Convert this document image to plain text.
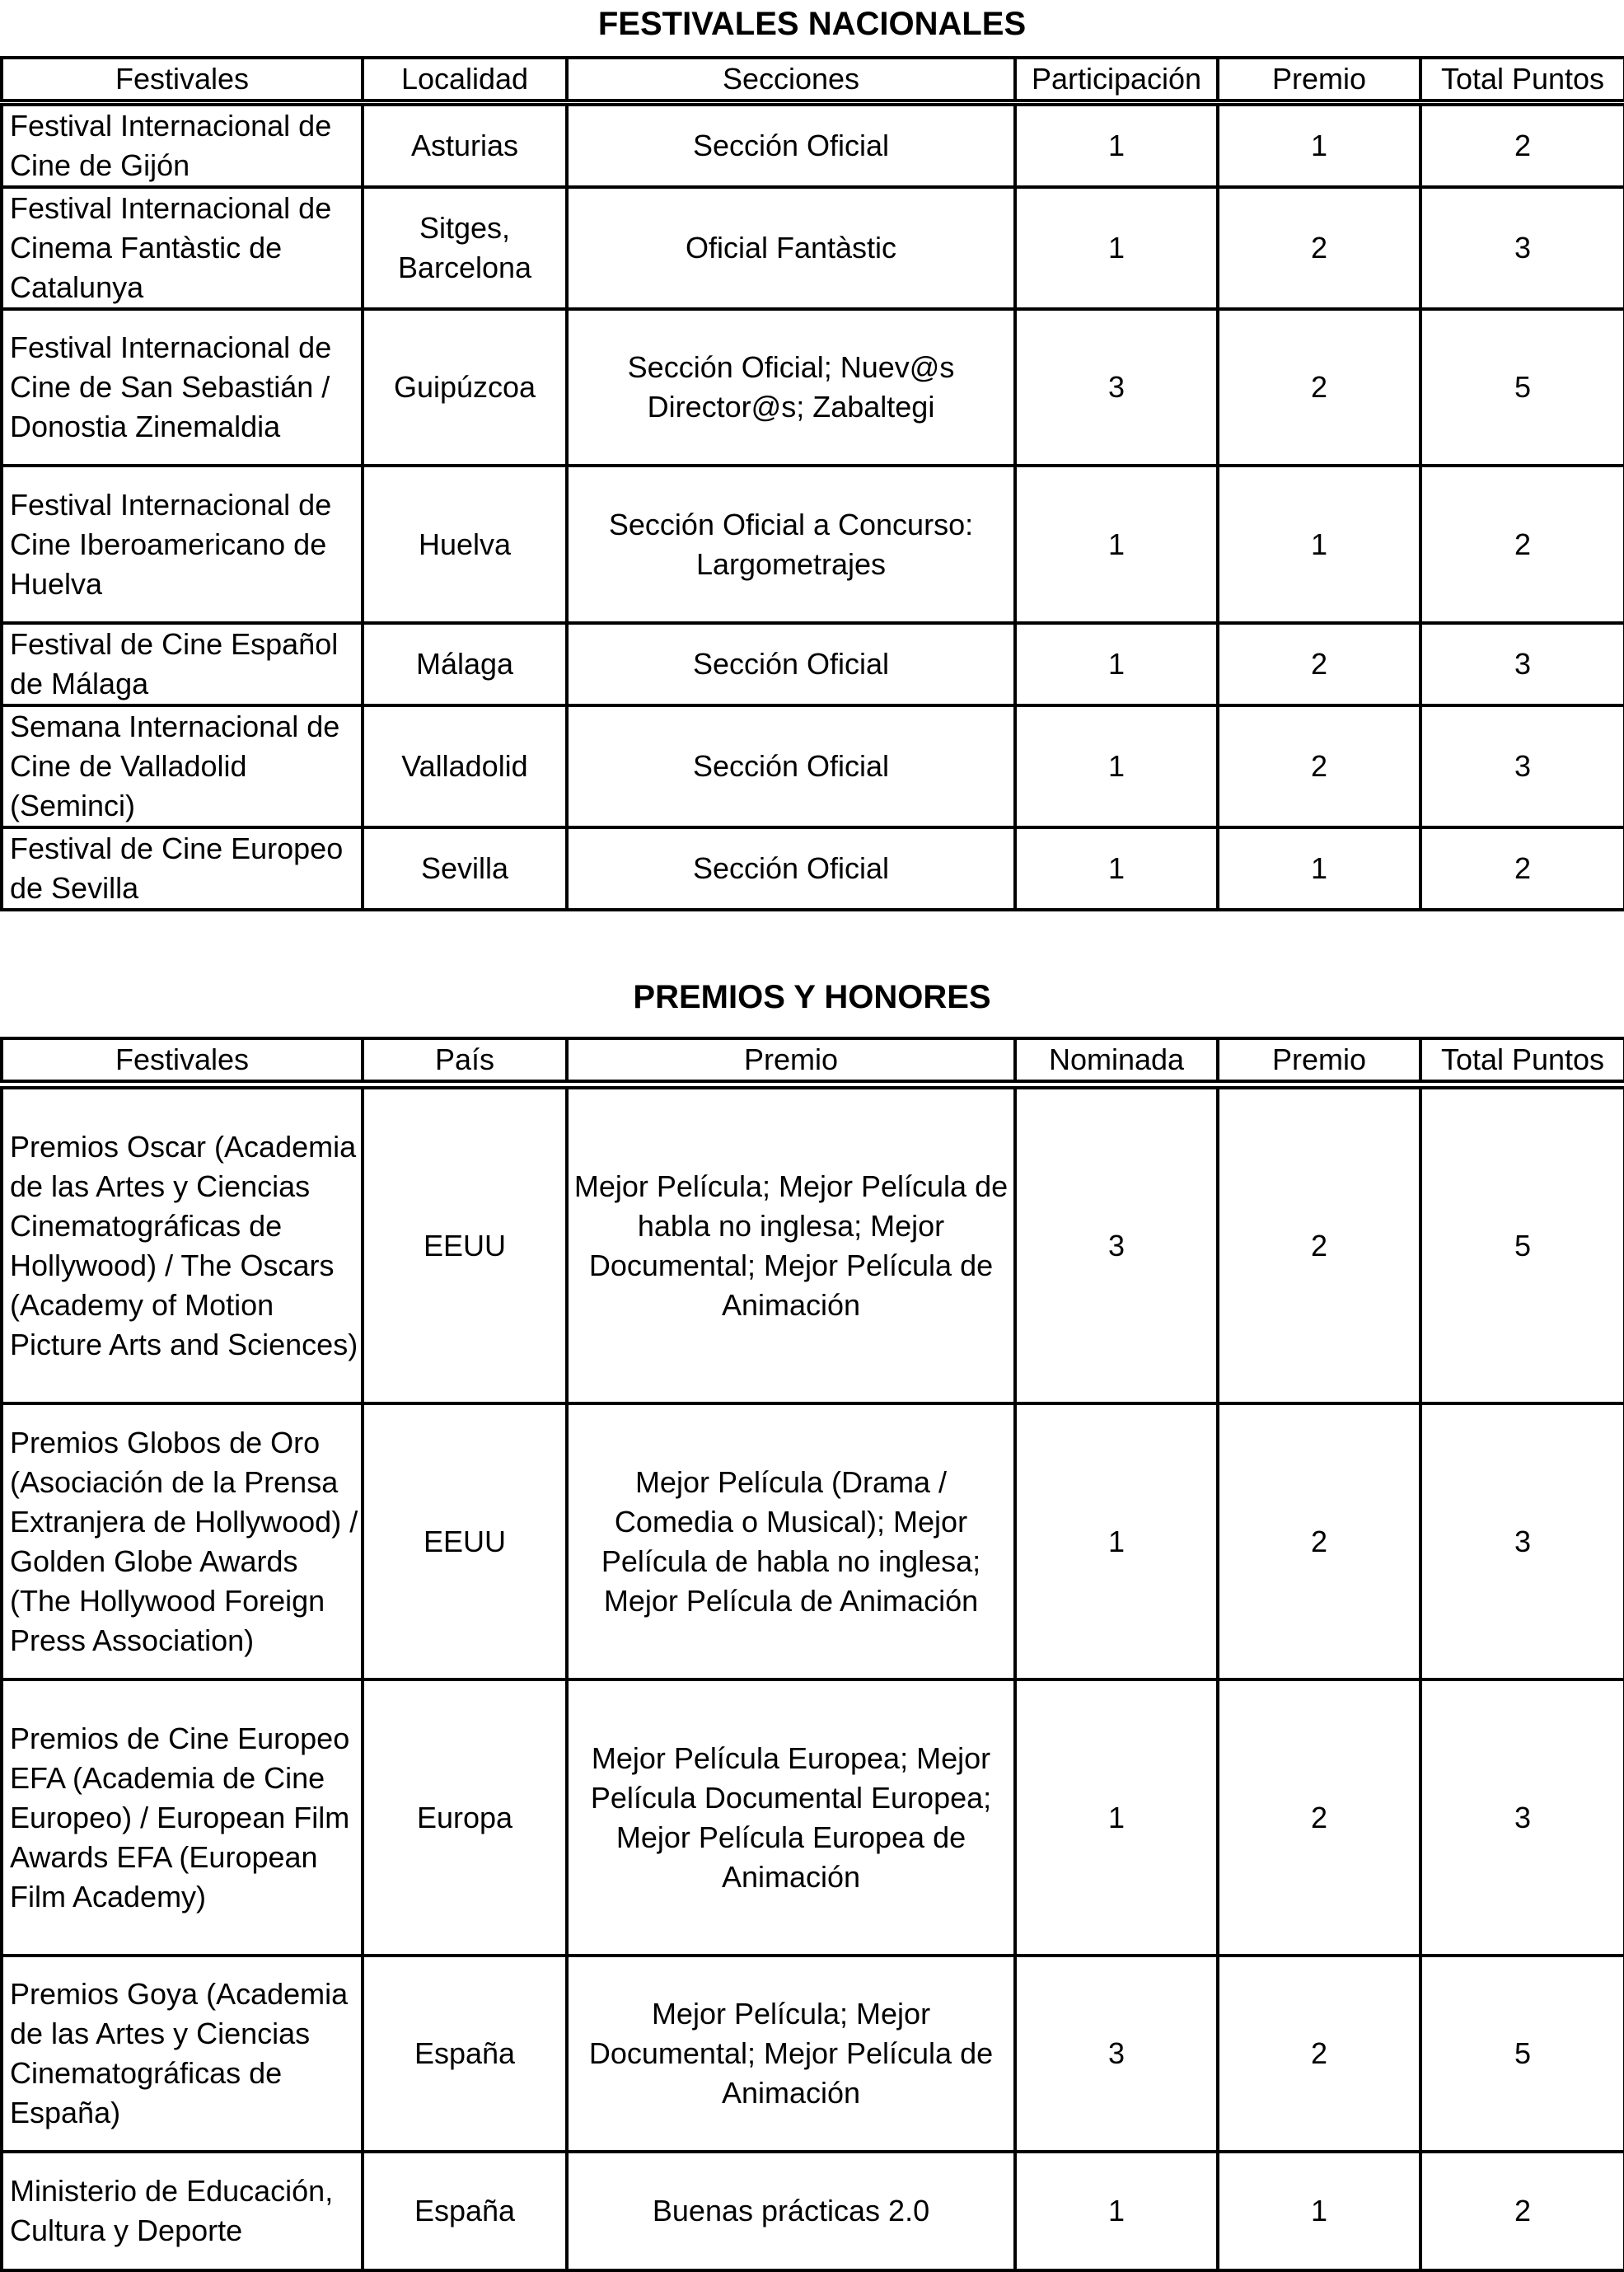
FESTIVALES NACIONALES
Festivales	Localidad	Secciones	Participación	Premio	Total Puntos
Festival Internacional de Cine de Gijón	Asturias	Sección Oficial	1	1	2
Festival Internacional de Cinema Fantàstic de Catalunya	Sitges, Barcelona	Oficial Fantàstic	1	2	3
Festival Internacional de Cine de San Sebastián / Donostia Zinemaldia	Guipúzcoa	Sección Oficial; Nuev@s Director@s; Zabaltegi	3	2	5
Festival Internacional de Cine Iberoamericano de Huelva	Huelva	Sección Oficial a Concurso: Largometrajes	1	1	2
Festival de Cine Español de Málaga	Málaga	Sección Oficial	1	2	3
Semana Internacional de Cine de Valladolid (Seminci)	Valladolid	Sección Oficial	1	2	3
Festival de Cine Europeo de Sevilla	Sevilla	Sección Oficial	1	1	2
PREMIOS Y HONORES
Festivales	País	Premio	Nominada	Premio	Total Puntos
Premios Oscar (Academia de las Artes y Ciencias Cinematográficas de Hollywood) / The Oscars (Academy of Motion Picture Arts and Sciences)	EEUU	Mejor Película; Mejor Película de habla no inglesa; Mejor Documental; Mejor Película de Animación	3	2	5
Premios Globos de Oro (Asociación de la Prensa Extranjera de Hollywood) / Golden Globe Awards (The Hollywood Foreign Press Association)	EEUU	Mejor Película (Drama / Comedia o Musical); Mejor Película de habla no inglesa; Mejor Película de Animación	1	2	3
Premios de Cine Europeo EFA (Academia de Cine Europeo) / European Film Awards EFA (European Film Academy)	Europa	Mejor Película Europea; Mejor Película Documental Europea; Mejor Película Europea de Animación	1	2	3
Premios Goya (Academia de las Artes y Ciencias Cinematográficas de España)	España	Mejor Película; Mejor Documental; Mejor Película de Animación	3	2	5
Ministerio de Educación, Cultura y Deporte	España	Buenas prácticas 2.0	1	1	2
